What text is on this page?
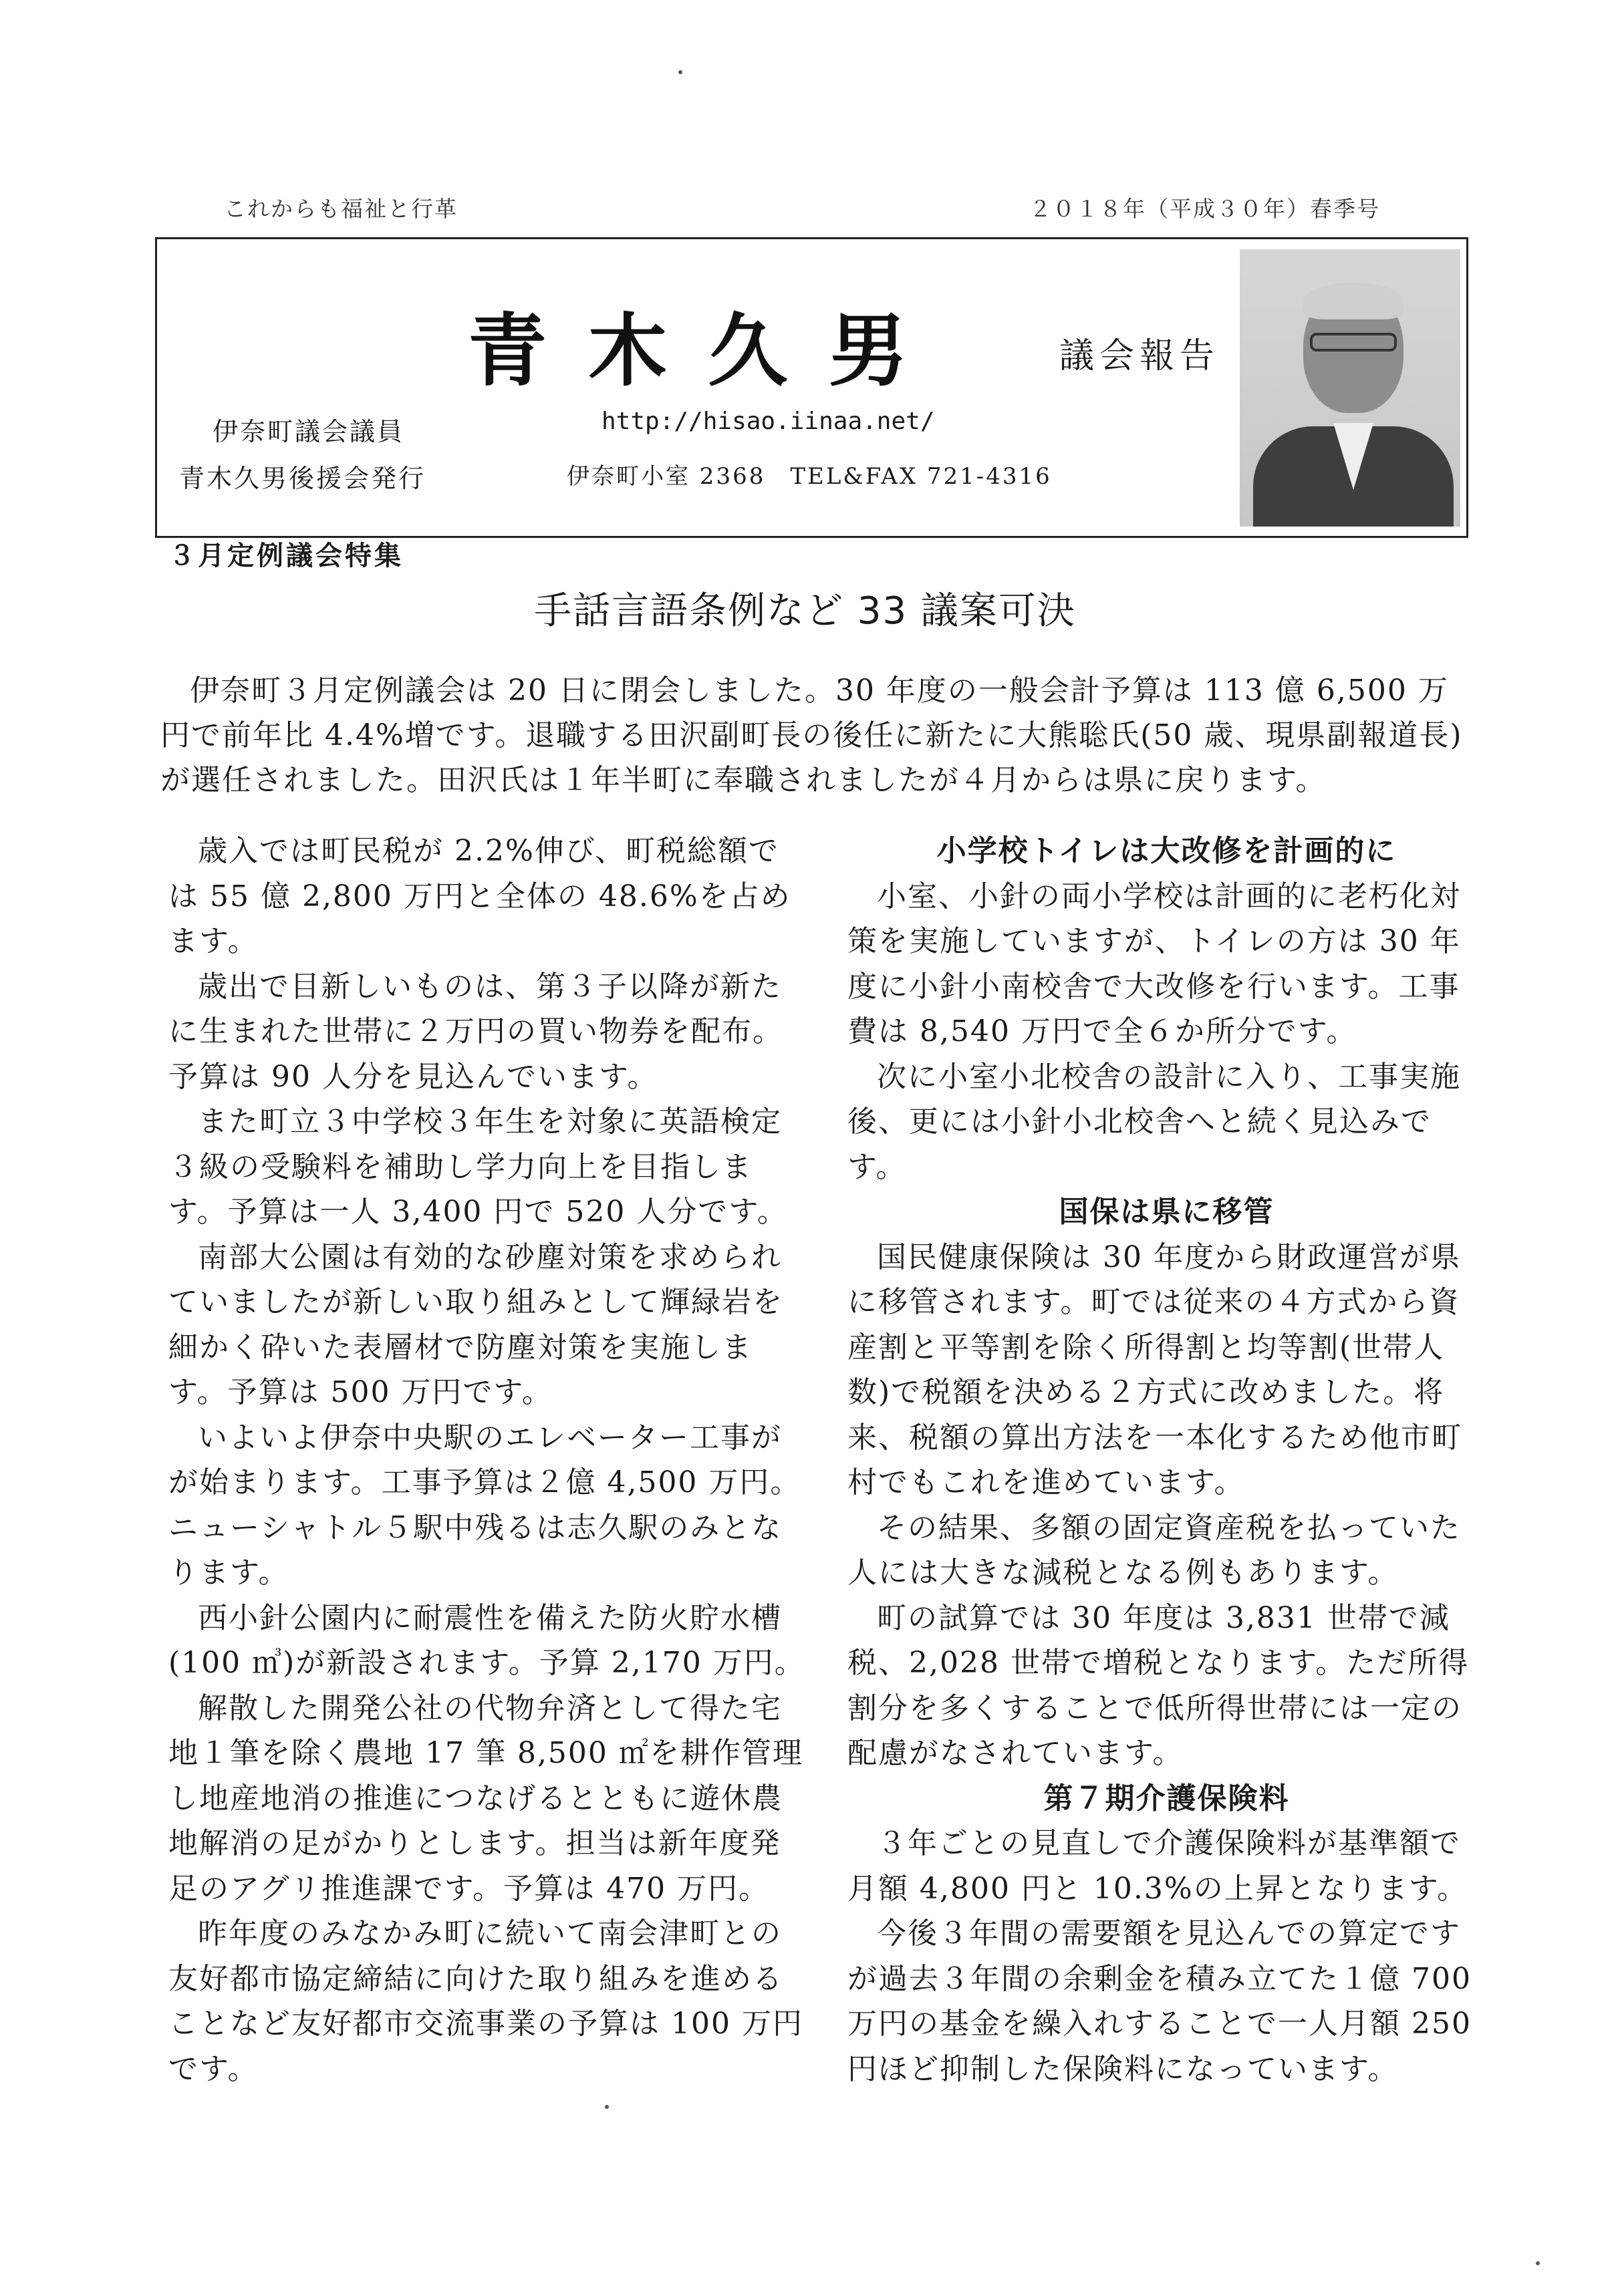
これからも福祉と行革	２０１８年（平成３０年）春季号
青木久男	議会報告
伊奈町議会議員
青木久男後援会発行
http://hisao.iinaa.net/
伊奈町小室 2368　TEL&FAX 721-4316
３月定例議会特集
手話言語条例など 33 議案可決
伊奈町３月定例議会は 20 日に閉会しました。30 年度の一般会計予算は 113 億 6,500 万円で前年比 4.4%増です。退職する田沢副町長の後任に新たに大熊聡氏(50 歳、現県副報道長)が選任されました。田沢氏は１年半町に奉職されましたが４月からは県に戻ります。

歳入では町民税が 2.2%伸び、町税総額では 55 億 2,800 万円と全体の 48.6%を占めます。

歳出で目新しいものは、第３子以降が新たに生まれた世帯に２万円の買い物券を配布。予算は 90 人分を見込んでいます。

また町立３中学校３年生を対象に英語検定３級の受験料を補助し学力向上を目指します。予算は一人 3,400 円で 520 人分です。

南部大公園は有効的な砂塵対策を求められていましたが新しい取り組みとして輝緑岩を細かく砕いた表層材で防塵対策を実施します。予算は 500 万円です。

いよいよ伊奈中央駅のエレベーター工事がが始まります。工事予算は２億 4,500 万円。ニューシャトル５駅中残るは志久駅のみとなります。

西小針公園内に耐震性を備えた防火貯水槽(100 ㎥)が新設されます。予算 2,170 万円。

解散した開発公社の代物弁済として得た宅地１筆を除く農地 17 筆 8,500 ㎡を耕作管理し地産地消の推進につなげるとともに遊休農地解消の足がかりとします。担当は新年度発足のアグリ推進課です。予算は 470 万円。

昨年度のみなかみ町に続いて南会津町との友好都市協定締結に向けた取り組みを進めることなど友好都市交流事業の予算は 100 万円です。

小学校トイレは大改修を計画的に

小室、小針の両小学校は計画的に老朽化対策を実施していますが、トイレの方は 30 年度に小針小南校舎で大改修を行います。工事費は 8,540 万円で全６か所分です。

次に小室小北校舎の設計に入り、工事実施後、更には小針小北校舎へと続く見込みです。

国保は県に移管

国民健康保険は 30 年度から財政運営が県に移管されます。町では従来の４方式から資産割と平等割を除く所得割と均等割(世帯人数)で税額を決める２方式に改めました。将来、税額の算出方法を一本化するため他市町村でもこれを進めています。

その結果、多額の固定資産税を払っていた人には大きな減税となる例もあります。

町の試算では 30 年度は 3,831 世帯で減税、2,028 世帯で増税となります。ただ所得割分を多くすることで低所得世帯には一定の配慮がなされています。

第７期介護保険料

３年ごとの見直しで介護保険料が基準額で月額 4,800 円と 10.3%の上昇となります。

今後３年間の需要額を見込んでの算定ですが過去３年間の余剰金を積み立てた１億 700 万円の基金を繰入れすることで一人月額 250 円ほど抑制した保険料になっています。
